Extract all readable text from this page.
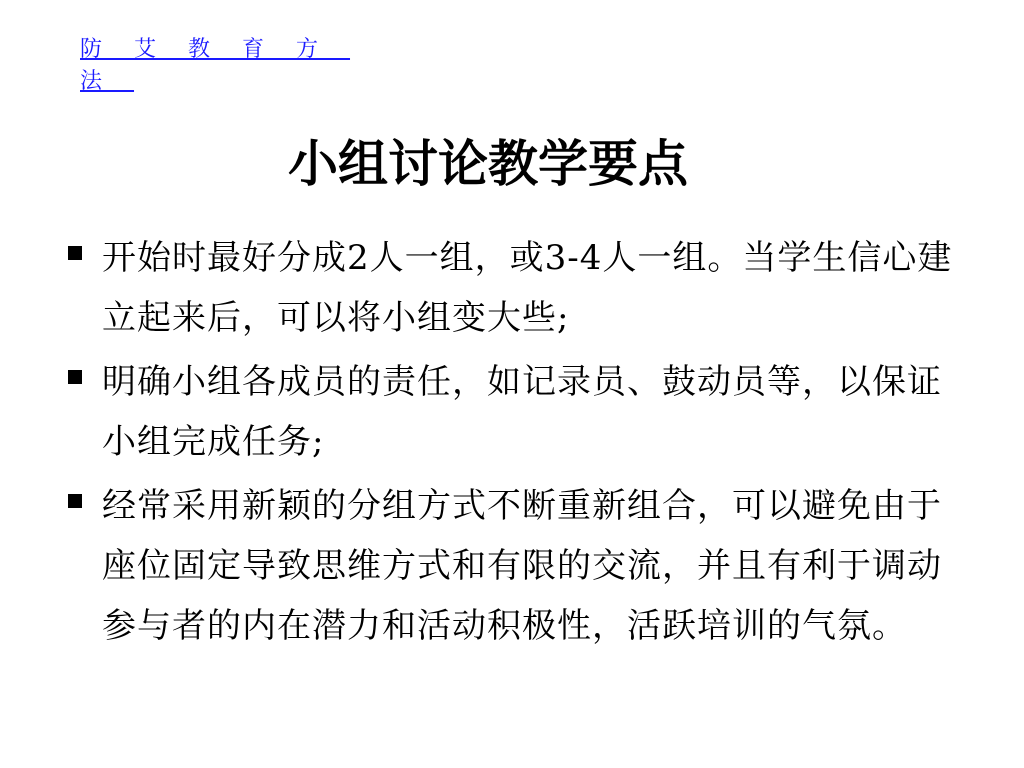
防艾教育方法
小组讨论教学要点
开始时最好分成2人一组，或3-4人一组。当学生信心建立起来后，可以将小组变大些;
明确小组各成员的责任，如记录员、鼓动员等，以保证小组完成任务;
经常采用新颖的分组方式不断重新组合，可以避免由于座位固定导致思维方式和有限的交流，并且有利于调动参与者的内在潜力和活动积极性，活跃培训的气氛。
